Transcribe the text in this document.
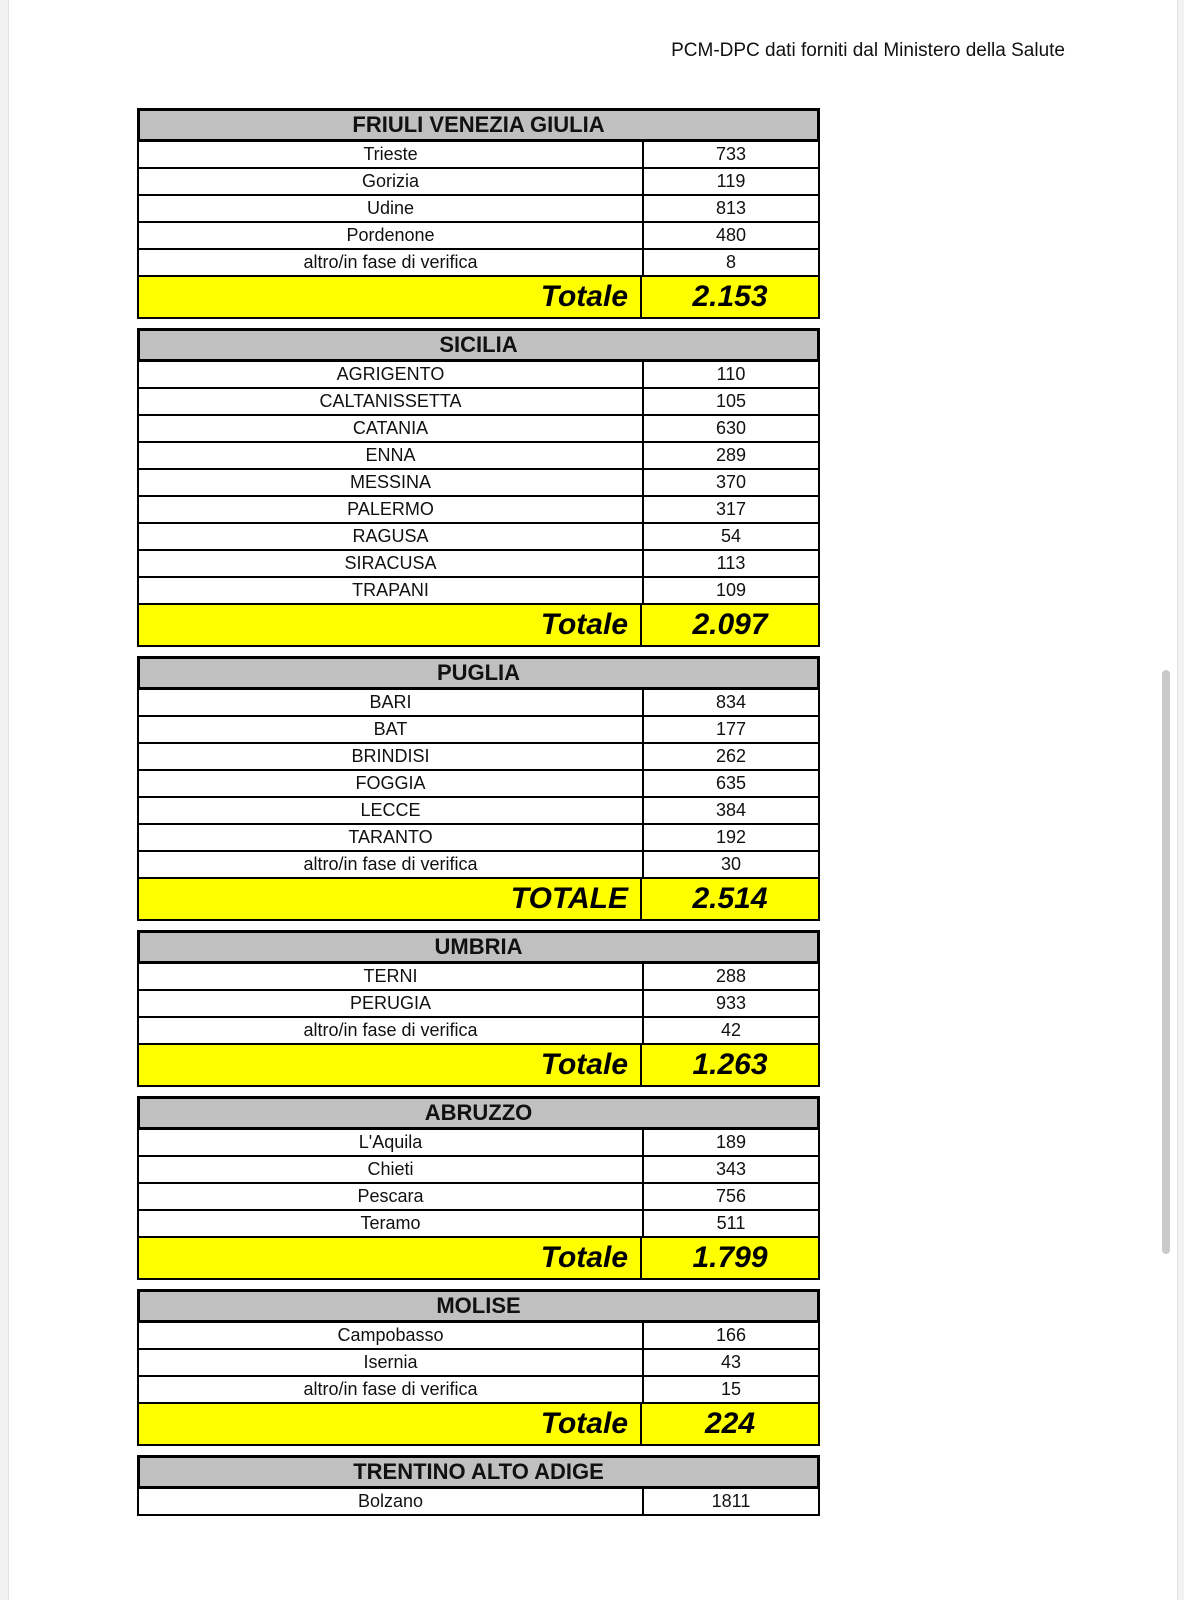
PCM-DPC dati forniti dal Ministero della Salute
FRIULI VENEZIA GIULIA
Trieste	733
Gorizia	119
Udine	813
Pordenone	480
altro/in fase di verifica	8
Totale	2.153
SICILIA
AGRIGENTO	110
CALTANISSETTA	105
CATANIA	630
ENNA	289
MESSINA	370
PALERMO	317
RAGUSA	54
SIRACUSA	113
TRAPANI	109
Totale	2.097
PUGLIA
BARI	834
BAT	177
BRINDISI	262
FOGGIA	635
LECCE	384
TARANTO	192
altro/in fase di verifica	30
TOTALE	2.514
UMBRIA
TERNI	288
PERUGIA	933
altro/in fase di verifica	42
Totale	1.263
ABRUZZO
L'Aquila	189
Chieti	343
Pescara	756
Teramo	511
Totale	1.799
MOLISE
Campobasso	166
Isernia	43
altro/in fase di verifica	15
Totale	224
TRENTINO ALTO ADIGE
Bolzano	1811
